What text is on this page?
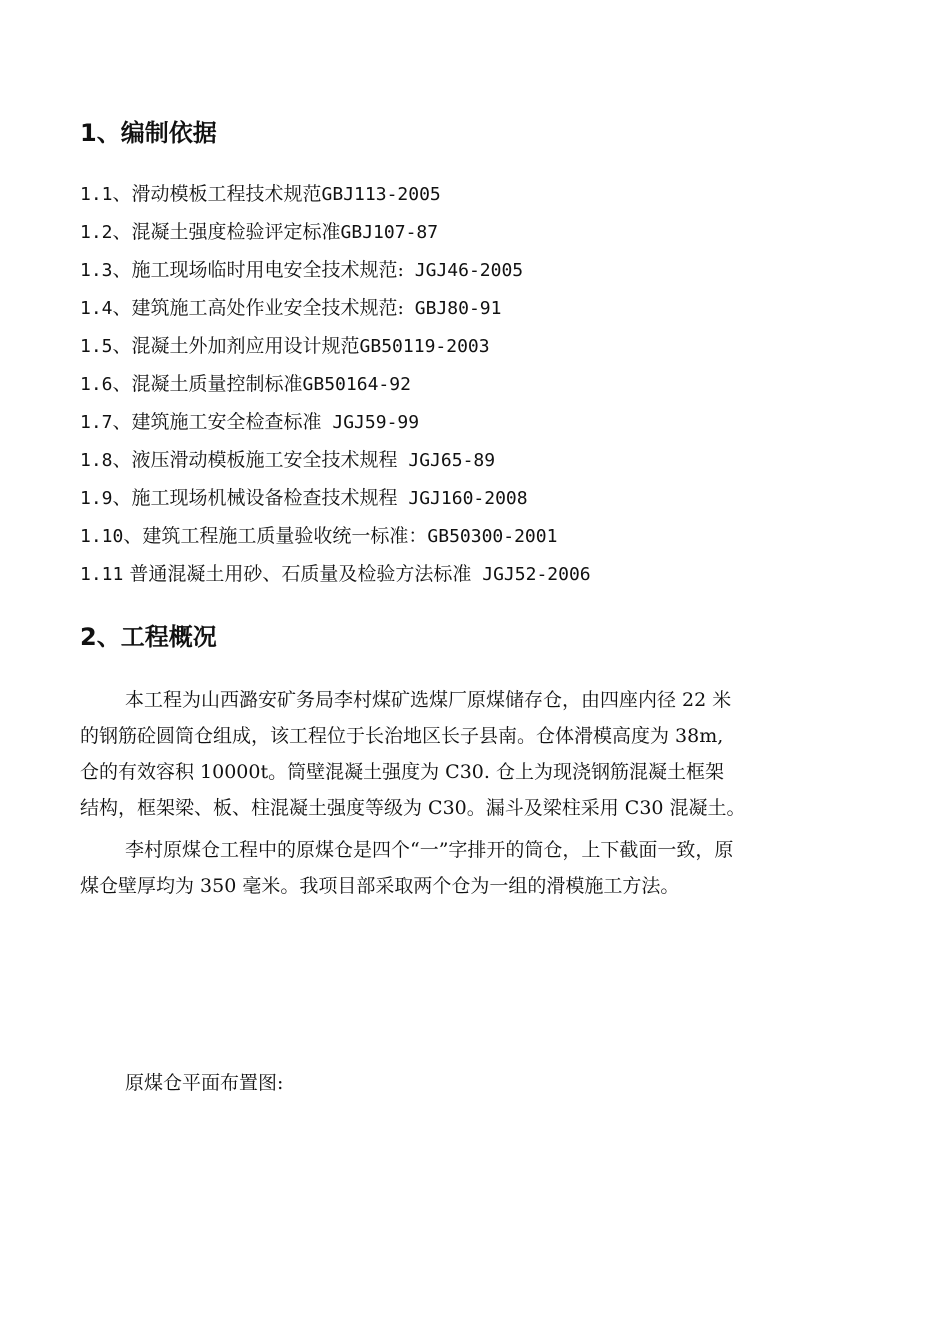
1、编制依据
1.1、滑动模板工程技术规范GBJ113-2005
1.2、混凝土强度检验评定标准GBJ107-87
1.3、施工现场临时用电安全技术规范: JGJ46-2005
1.4、建筑施工高处作业安全技术规范: GBJ80-91
1.5、混凝土外加剂应用设计规范GB50119-2003
1.6、混凝土质量控制标准GB50164-92
1.7、建筑施工安全检查标准 JGJ59-99
1.8、液压滑动模板施工安全技术规程 JGJ65-89
1.9、施工现场机械设备检查技术规程 JGJ160-2008
1.10、建筑工程施工质量验收统一标准：GB50300-2001
1.11 普通混凝土用砂、石质量及检验方法标准 JGJ52-2006
2、工程概况
本工程为山西潞安矿务局李村煤矿选煤厂原煤储存仓，由四座内径 22 米
的钢筋砼圆筒仓组成，该工程位于长治地区长子县南。仓体滑模高度为 38m,
仓的有效容积 10000t。筒壁混凝土强度为 C30. 仓上为现浇钢筋混凝土框架
结构，框架梁、板、柱混凝土强度等级为 C30。漏斗及梁柱采用 C30 混凝土。
李村原煤仓工程中的原煤仓是四个“一”字排开的筒仓，上下截面一致，原
煤仓壁厚均为 350 毫米。我项目部采取两个仓为一组的滑模施工方法。
原煤仓平面布置图:
